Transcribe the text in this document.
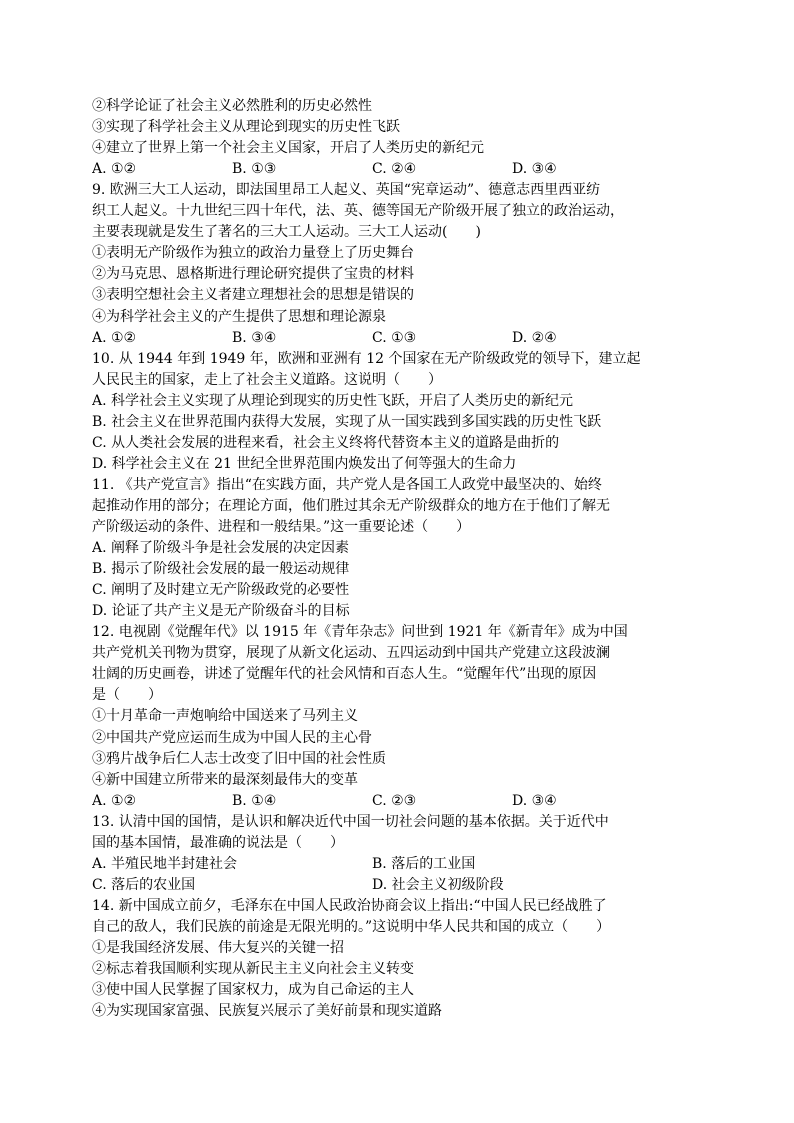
②科学论证了社会主义必然胜利的历史必然性
③实现了科学社会主义从理论到现实的历史性飞跃
④建立了世界上第一个社会主义国家，开启了人类历史的新纪元
A. ①②	B. ①③	C. ②④	D. ③④
9. 欧洲三大工人运动，即法国里昂工人起义、英国“宪章运动”、德意志西里西亚纺
织工人起义。十九世纪三四十年代，法、英、德等国无产阶级开展了独立的政治运动，
主要表现就是发生了著名的三大工人运动。三大工人运动(　　)
①表明无产阶级作为独立的政治力量登上了历史舞台
②为马克思、恩格斯进行理论研究提供了宝贵的材料
③表明空想社会主义者建立理想社会的思想是错误的
④为科学社会主义的产生提供了思想和理论源泉
A. ①②	B. ③④	C. ①③	D. ②④
10. 从 1944 年到 1949 年，欧洲和亚洲有 12 个国家在无产阶级政党的领导下，建立起
人民民主的国家，走上了社会主义道路。这说明（　　）
A. 科学社会主义实现了从理论到现实的历史性飞跃，开启了人类历史的新纪元
B. 社会主义在世界范围内获得大发展，实现了从一国实践到多国实践的历史性飞跃
C. 从人类社会发展的进程来看，社会主义终将代替资本主义的道路是曲折的
D. 科学社会主义在 21 世纪全世界范围内焕发出了何等强大的生命力
11. 《共产党宣言》指出“在实践方面，共产党人是各国工人政党中最坚决的、始终
起推动作用的部分；在理论方面，他们胜过其余无产阶级群众的地方在于他们了解无
产阶级运动的条件、进程和一般结果。”这一重要论述（　　）
A. 阐释了阶级斗争是社会发展的决定因素
B. 揭示了阶级社会发展的最一般运动规律
C. 阐明了及时建立无产阶级政党的必要性
D. 论证了共产主义是无产阶级奋斗的目标
12. 电视剧《觉醒年代》以 1915 年《青年杂志》问世到 1921 年《新青年》成为中国
共产党机关刊物为贯穿，展现了从新文化运动、五四运动到中国共产党建立这段波澜
壮阔的历史画卷，讲述了觉醒年代的社会风情和百态人生。“觉醒年代”出现的原因
是（　　）
①十月革命一声炮响给中国送来了马列主义
②中国共产党应运而生成为中国人民的主心骨
③鸦片战争后仁人志士改变了旧中国的社会性质
④新中国建立所带来的最深刻最伟大的变革
A. ①②	B. ①④	C. ②③	D. ③④
13. 认清中国的国情，是认识和解决近代中国一切社会问题的基本依据。关于近代中
国的基本国情，最准确的说法是（　　）
A. 半殖民地半封建社会	B. 落后的工业国
C. 落后的农业国	D. 社会主义初级阶段
14. 新中国成立前夕，毛泽东在中国人民政治协商会议上指出:“中国人民已经战胜了
自己的敌人，我们民族的前途是无限光明的。”这说明中华人民共和国的成立（　　）
①是我国经济发展、伟大复兴的关键一招
②标志着我国顺利实现从新民主主义向社会主义转变
③使中国人民掌握了国家权力，成为自己命运的主人
④为实现国家富强、民族复兴展示了美好前景和现实道路
